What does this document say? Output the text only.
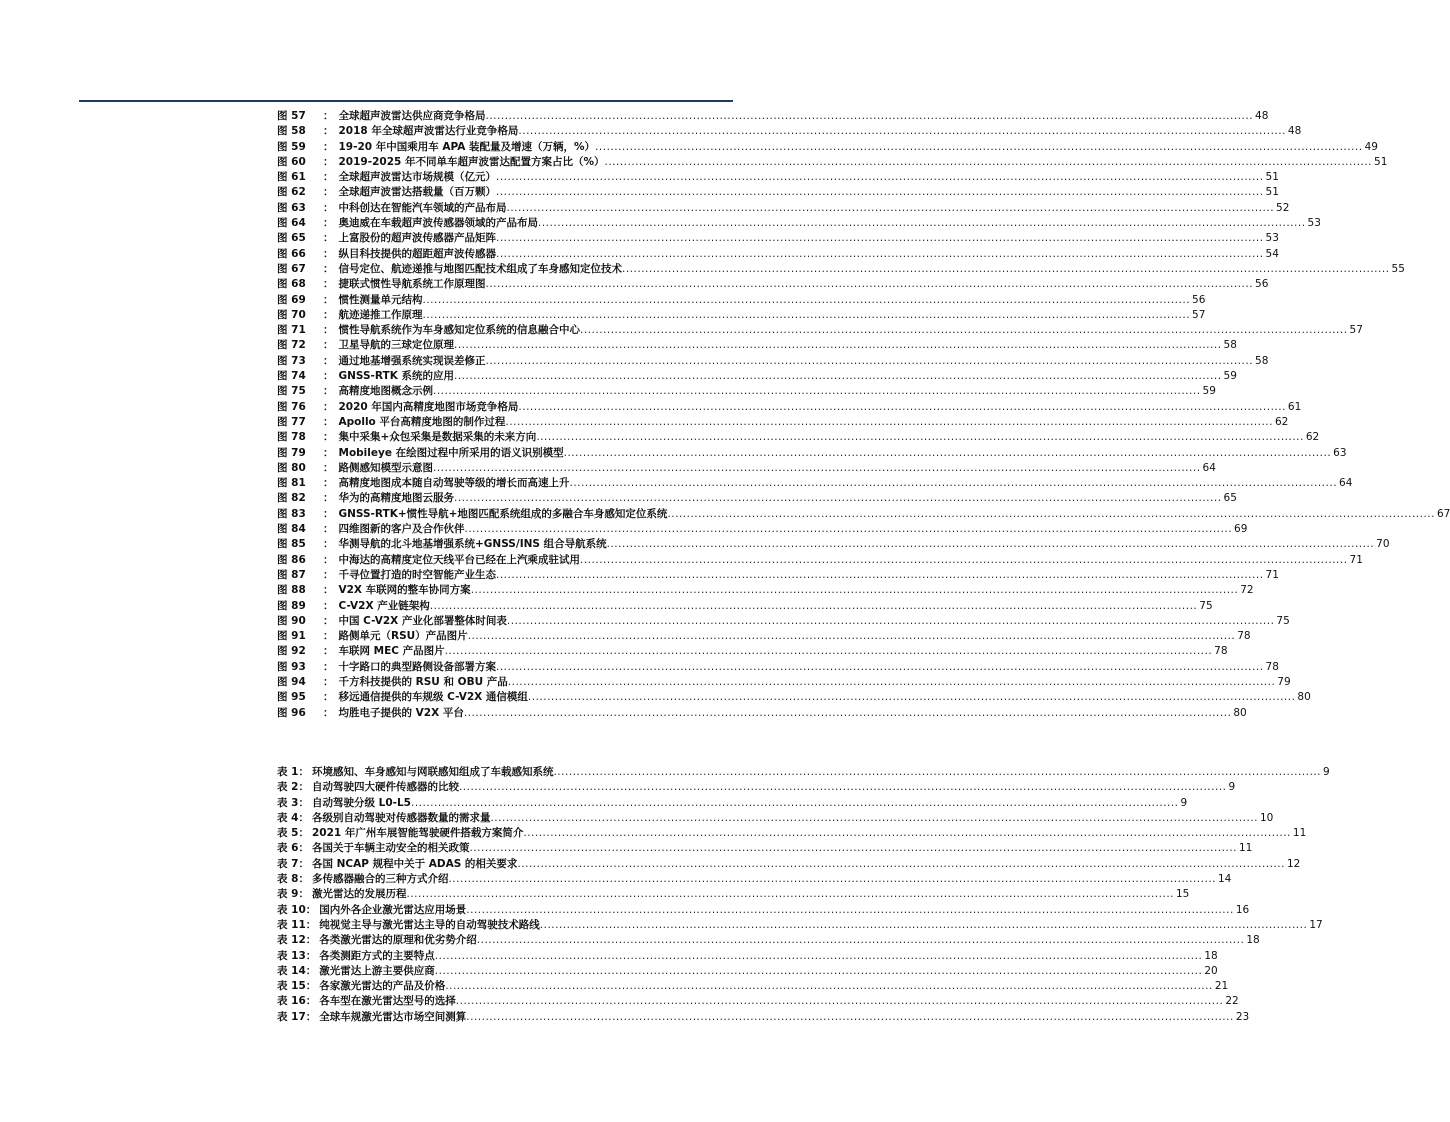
图 57	： 全球超声波雷达供应商竞争格局 .....	48
图 58	： 2018 年全球超声波雷达行业竞争格局 .....	48
图 59	： 19-20 年中国乘用车 APA 装配量及增速（万辆，%） .....	49
图 60	： 2019-2025 年不同单车超声波雷达配置方案占比（%） .....	51
图 61	： 全球超声波雷达市场规模（亿元） .....	51
图 62	： 全球超声波雷达搭载量（百万颗） .....	51
图 63	： 中科创达在智能汽车领域的产品布局 .....	52
图 64	： 奥迪威在车载超声波传感器领域的产品布局 .....	53
图 65	： 上富股份的超声波传感器产品矩阵 .....	53
图 66	： 纵目科技提供的超距超声波传感器 .....	54
图 67	： 信号定位、航迹递推与地图匹配技术组成了车身感知定位技术 .....	55
图 68	： 捷联式惯性导航系统工作原理图 .....	56
图 69	： 惯性测量单元结构 .....	56
图 70	： 航迹递推工作原理 .....	57
图 71	： 惯性导航系统作为车身感知定位系统的信息融合中心 .....	57
图 72	： 卫星导航的三球定位原理 .....	58
图 73	： 通过地基增强系统实现误差修正 .....	58
图 74	： GNSS-RTK 系统的应用 .....	59
图 75	： 高精度地图概念示例 .....	59
图 76	： 2020 年国内高精度地图市场竞争格局 .....	61
图 77	： Apollo 平台高精度地图的制作过程 .....	62
图 78	： 集中采集+众包采集是数据采集的未来方向 .....	62
图 79	： Mobileye 在绘图过程中所采用的语义识别模型 .....	63
图 80	： 路侧感知模型示意图 .....	64
图 81	： 高精度地图成本随自动驾驶等级的增长而高速上升 .....	64
图 82	： 华为的高精度地图云服务 .....	65
图 83	： GNSS-RTK+惯性导航+地图匹配系统组成的多融合车身感知定位系统 .....	67
图 84	： 四维图新的客户及合作伙伴 .....	69
图 85	： 华测导航的北斗地基增强系统+GNSS/INS 组合导航系统 .....	70
图 86	： 中海达的高精度定位天线平台已经在上汽乘成驻试用 .....	71
图 87	： 千寻位置打造的时空智能产业生态 .....	71
图 88	： V2X 车联网的整车协同方案 .....	72
图 89	： C-V2X 产业链架构 .....	75
图 90	： 中国 C-V2X 产业化部署整体时间表 .....	75
图 91	： 路侧单元（RSU）产品图片 .....	78
图 92	： 车联网 MEC 产品图片 .....	78
图 93	： 十字路口的典型路侧设备部署方案 .....	78
图 94	： 千方科技提供的 RSU 和 OBU 产品 .....	79
图 95	： 移远通信提供的车规级 C-V2X 通信模组 .....	80
图 96	： 均胜电子提供的 V2X 平台 .....	80
表 1： 环境感知、车身感知与网联感知组成了车载感知系统 .....	9
表 2： 自动驾驶四大硬件传感器的比较 .....	9
表 3： 自动驾驶分级 L0-L5 .....	9
表 4： 各级别自动驾驶对传感器数量的需求量 .....	10
表 5： 2021 年广州车展智能驾驶硬件搭载方案简介 .....	11
表 6： 各国关于车辆主动安全的相关政策 .....	11
表 7： 各国 NCAP 规程中关于 ADAS 的相关要求 .....	12
表 8： 多传感器融合的三种方式介绍 .....	14
表 9： 激光雷达的发展历程 .....	15
表 10： 国内外各企业激光雷达应用场景 .....	16
表 11： 纯视觉主导与激光雷达主导的自动驾驶技术路线 .....	17
表 12： 各类激光雷达的原理和优劣势介绍 .....	18
表 13： 各类测距方式的主要特点 .....	18
表 14： 激光雷达上游主要供应商 .....	20
表 15： 各家激光雷达的产品及价格 .....	21
表 16： 各车型在激光雷达型号的选择 .....	22
表 17： 全球车规激光雷达市场空间测算 .....	23
